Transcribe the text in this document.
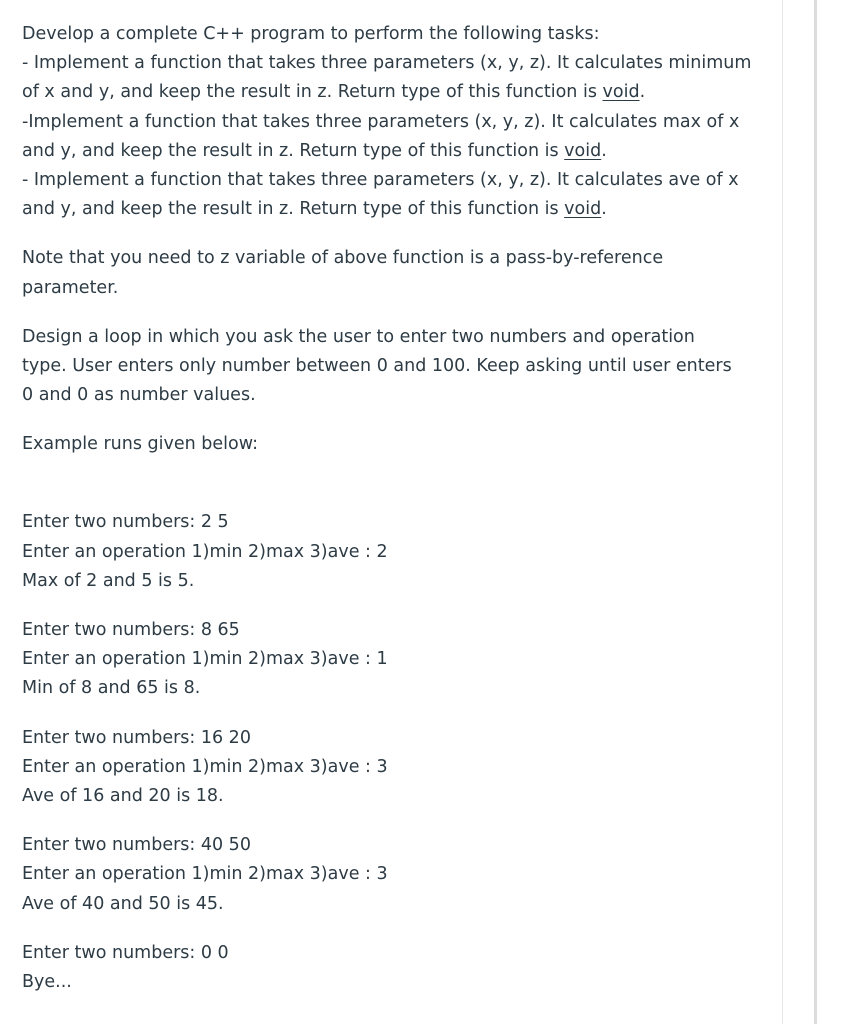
Develop a complete C++ program to perform the following tasks:
- Implement a function that takes three parameters (x, y, z). It calculates minimum
of x and y, and keep the result in z. Return type of this function is void.
-Implement a function that takes three parameters (x, y, z). It calculates max of x
and y, and keep the result in z. Return type of this function is void.
- Implement a function that takes three parameters (x, y, z). It calculates ave of x
and y, and keep the result in z. Return type of this function is void.
Note that you need to z variable of above function is a pass-by-reference
parameter.
Design a loop in which you ask the user to enter two numbers and operation
type. User enters only number between 0 and 100. Keep asking until user enters
0 and 0 as number values.
Example runs given below:
Enter two numbers: 2 5
Enter an operation 1)min 2)max 3)ave : 2
Max of 2 and 5 is 5.
Enter two numbers: 8 65
Enter an operation 1)min 2)max 3)ave : 1
Min of 8 and 65 is 8.
Enter two numbers: 16 20
Enter an operation 1)min 2)max 3)ave : 3
Ave of 16 and 20 is 18.
Enter two numbers: 40 50
Enter an operation 1)min 2)max 3)ave : 3
Ave of 40 and 50 is 45.
Enter two numbers: 0 0
Bye...
